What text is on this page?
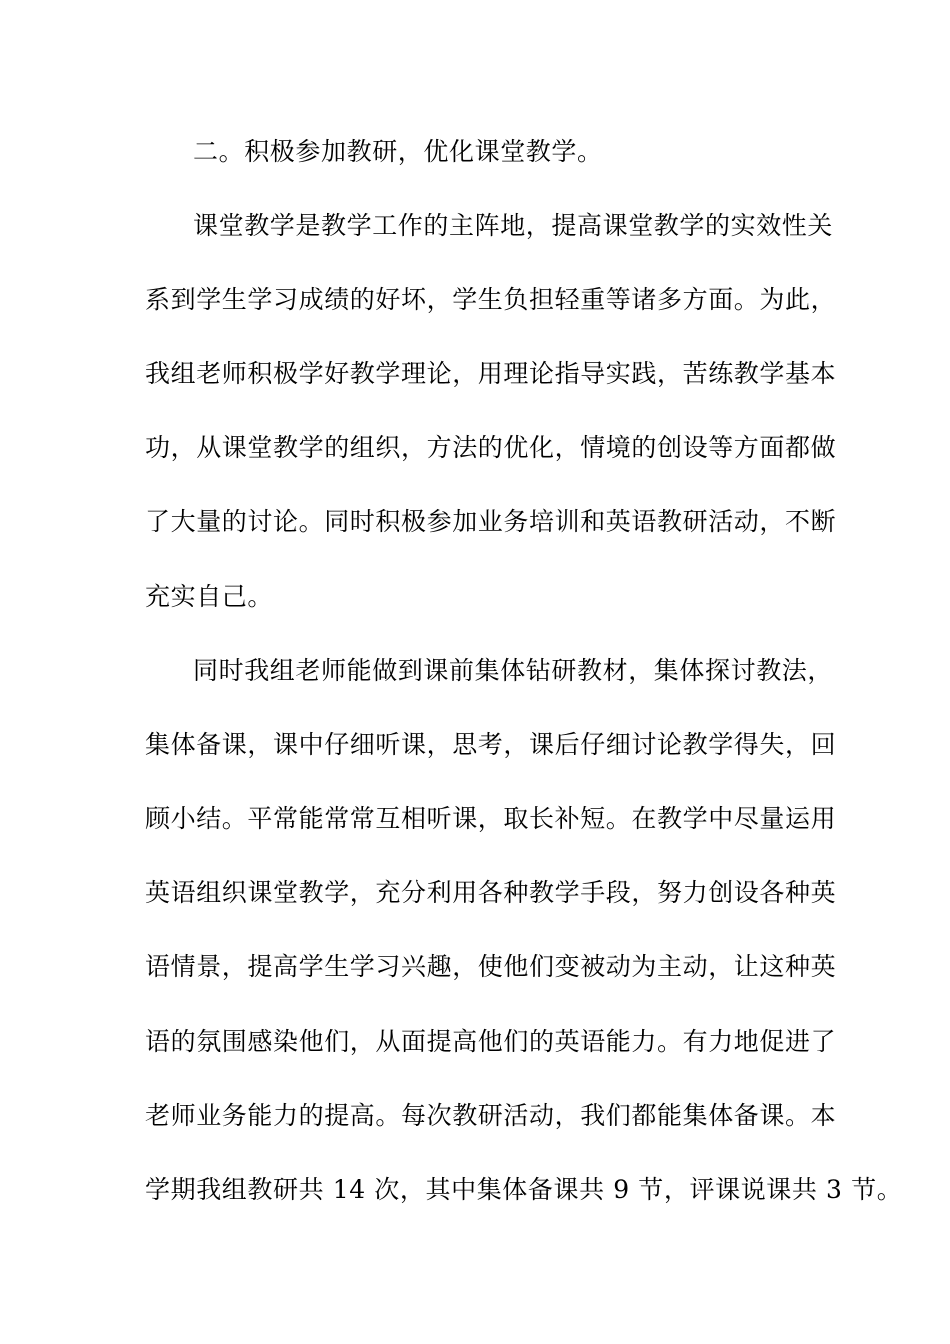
二。积极参加教研，优化课堂教学。
课堂教学是教学工作的主阵地，提高课堂教学的实效性关
系到学生学习成绩的好坏，学生负担轻重等诸多方面。为此，
我组老师积极学好教学理论，用理论指导实践，苦练教学基本
功，从课堂教学的组织，方法的优化，情境的创设等方面都做
了大量的讨论。同时积极参加业务培训和英语教研活动，不断
充实自己。
同时我组老师能做到课前集体钻研教材，集体探讨教法，
集体备课，课中仔细听课，思考，课后仔细讨论教学得失，回
顾小结。平常能常常互相听课，取长补短。在教学中尽量运用
英语组织课堂教学，充分利用各种教学手段，努力创设各种英
语情景，提高学生学习兴趣，使他们变被动为主动，让这种英
语的氛围感染他们，从面提高他们的英语能力。有力地促进了
老师业务能力的提高。每次教研活动，我们都能集体备课。本
学期我组教研共 14 次，其中集体备课共 9 节，评课说课共 3 节。
